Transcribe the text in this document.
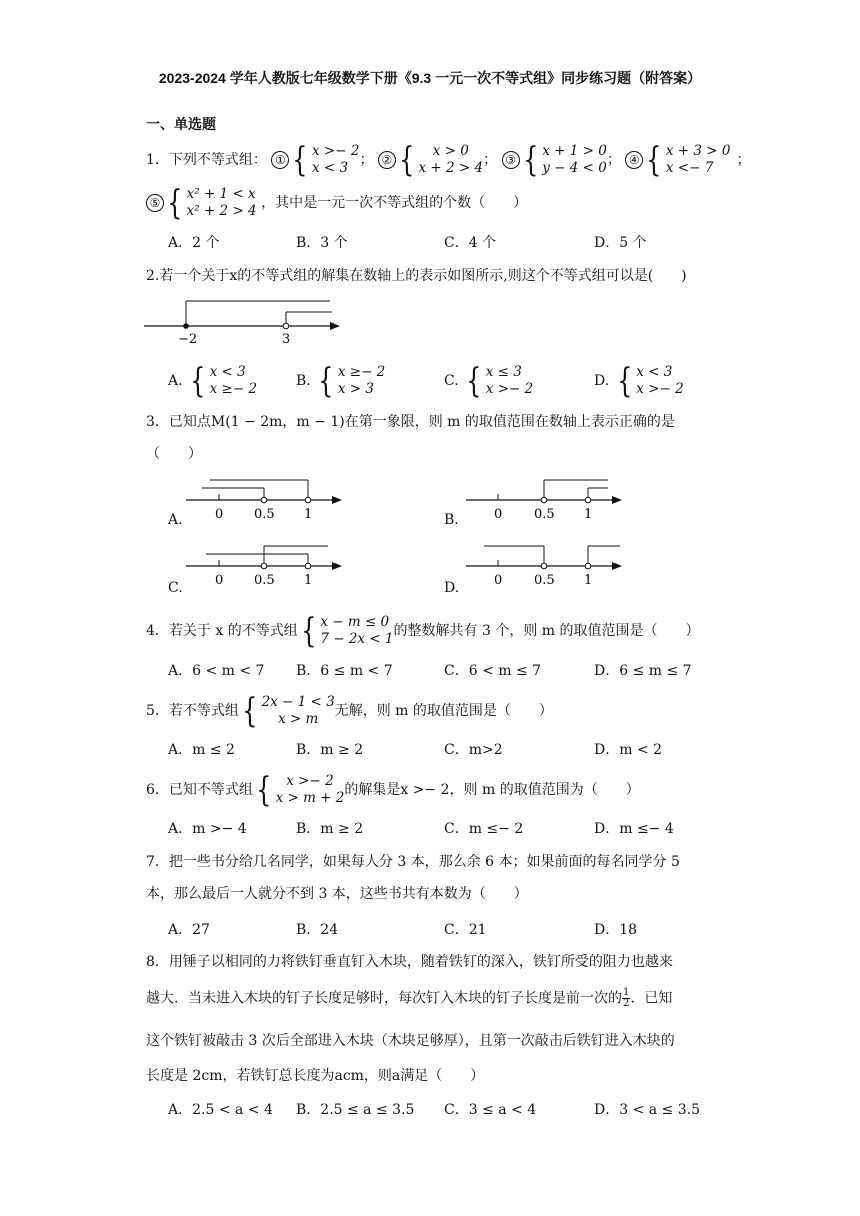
2023-2024 学年人教版七年级数学下册《9.3 一元一次不等式组》同步练习题（附答案）
一、单选题
1．下列不等式组： ① { x >− 2
x < 3 ； ② {	x > 0
x + 2 > 4 ； ③ { x + 1 > 0
y − 4 < 0 ； ④ { x + 3 > 0
x <− 7	；
⑤ { x² + 1 < x
x² + 2 > 4 ，其中是一元一次不等式组的个数（　　）
A．2 个	B．3 个	C．4 个	D．5 个
2.若一个关于x的不等式组的解集在数轴上的表示如图所示,则这个不等式组可以是(　　)
−2	3
A. { x < 3
x ≥− 2	B. { x ≥− 2
x > 3	C. { x ≤ 3
x >− 2	D. { x < 3
x >− 2
3．已知点M(1 − 2m，m − 1)在第一象限，则 m 的取值范围在数轴上表示正确的是
（　　）
A. 0 0.5 1	B.	0 0.5 1
C. 0 0.5 1	D.	0 0.5 1
4．若关于 x 的不等式组 { x − m ≤ 0
7 − 2x < 1 的整数解共有 3 个，则 m 的取值范围是（　　）
A．6 < m < 7 B．6 ≤ m < 7	C．6 < m ≤ 7	D．6 ≤ m ≤ 7
5．若不等式组 { 2x − 1 < 3
x > m	无解，则 m 的取值范围是（　　）
A．m ≤ 2	B．m ≥ 2	C．m>2	D．m < 2
6．已知不等式组 {	x >− 2
x > m + 2 的解集是x >− 2，则 m 的取值范围为（　　）
A．m >− 4	B．m ≥ 2	C．m ≤− 2	D．m ≤− 4
7．把一些书分给几名同学，如果每人分 3 本，那么余 6 本；如果前面的每名同学分 5
本，那么最后一人就分不到 3 本，这些书共有本数为（　　）
A．27	B．24	C．21	D．18
8．用锤子以相同的力将铁钉垂直钉入木块，随着铁钉的深入，铁钉所受的阻力也越来
越大．当未进入木块的钉子长度足够时，每次钉入木块的钉子长度是前一次的 $\frac{1}{2}$ ．已知
这个铁钉被敲击 3 次后全部进入木块（木块足够厚），且第一次敲击后铁钉进入木块的
长度是 2cm，若铁钉总长度为acm，则a满足（　　）
A．2.5 < a < 4 B．2.5 ≤ a ≤ 3.5 C．3 ≤ a < 4	D．3 < a ≤ 3.5
